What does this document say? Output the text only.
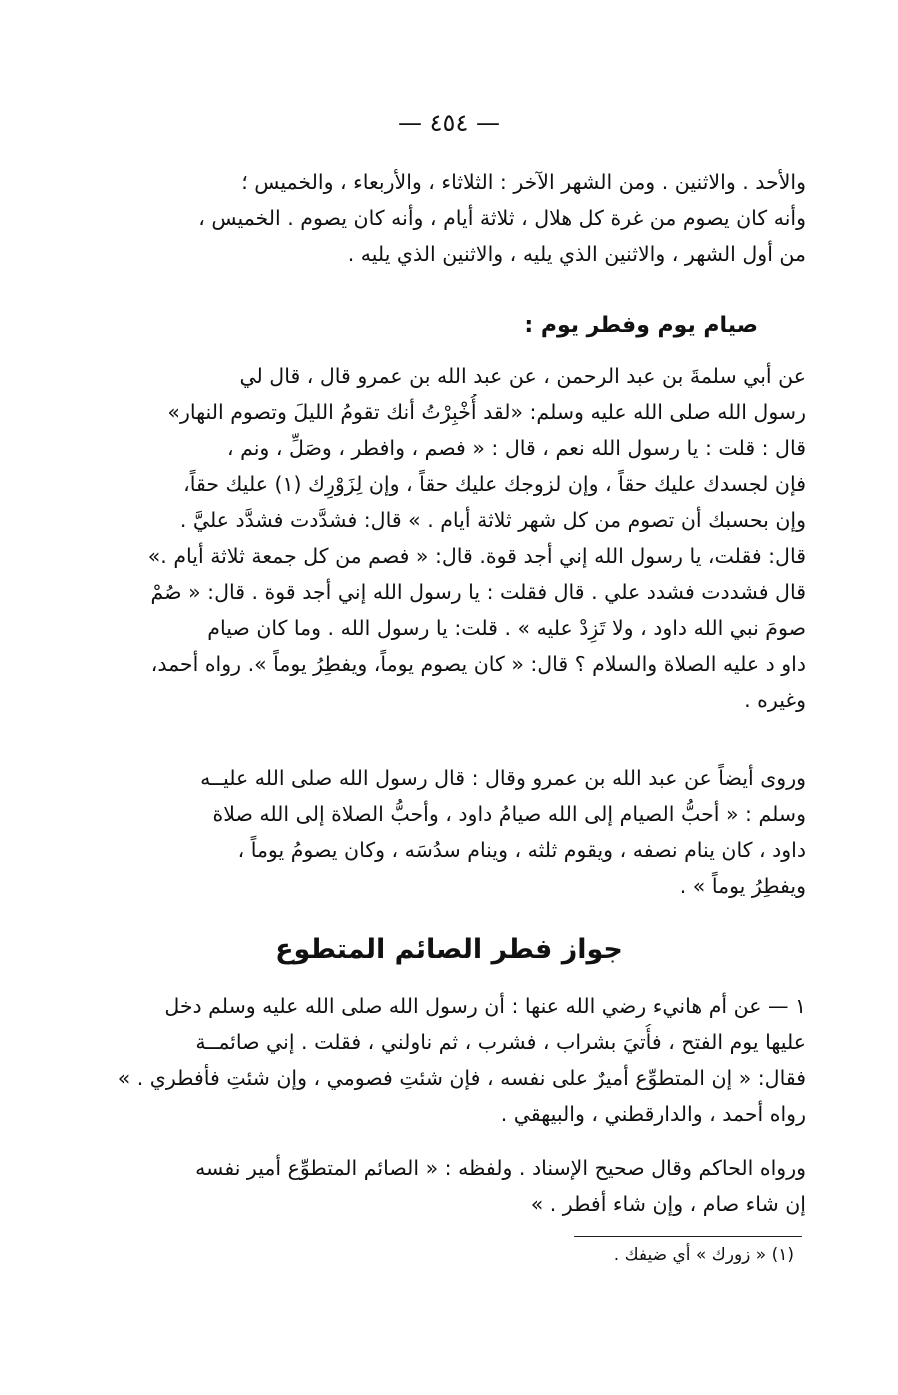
— ٤٥٤ —
والأحد . والاثنين . ومن الشهر الآخر : الثلاثاء ، والأربعاء ، والخميس ؛
وأنه كان يصوم من غرة كل هلال ، ثلاثة أيام ، وأنه كان يصوم . الخميس ،
من أول الشهر ، والاثنين الذي يليه ، والاثنين الذي يليه .
صيام يوم وفطر يوم :
عن أبي سلمةَ بن عبد الرحمن ، عن عبد الله بن عمرو قال ، قال لي
رسول الله صلى الله عليه وسلم: «لقد أُخْبِرْتُ أنك تقومُ الليلَ وتصوم النهار»
قال : قلت : يا رسول الله نعم ، قال : « فصم ، وافطر ، وصَلِّ ، ونم ،
فإن لجسدك عليك حقاً ، وإن لزوجك عليك حقاً ، وإن لِزَوْرِك (١) عليك حقاً،
وإن بحسبك أن تصوم من كل شهر ثلاثة أيام . » قال: فشدَّدت فشدَّد عليَّ .
قال: فقلت، يا رسول الله إني أجد قوة. قال: « فصم من كل جمعة ثلاثة أيام .»
قال فشددت فشدد علي . قال فقلت : يا رسول الله إني أجد قوة . قال: « صُمْ
صومَ نبي الله داود ، ولا تَزِدْ عليه » . قلت: يا رسول الله . وما كان صيام
داو د عليه الصلاة والسلام ؟ قال: « كان يصوم يوماً، ويفطِرُ يوماً ». رواه أحمد،
وغيره .
وروى أيضاً عن عبد الله بن عمرو وقال : قال رسول الله صلى الله عليــه
وسلم : « أحبُّ الصيام إلى الله صيامُ داود ، وأحبُّ الصلاة إلى الله صلاة
داود ، كان ينام نصفه ، ويقوم ثلثه ، وينام سدُسَه ، وكان يصومُ يوماً ،
ويفطِرُ يوماً » .
جواز فطر الصائم المتطوع
١ — عن أم هانيء رضي الله عنها : أن رسول الله صلى الله عليه وسلم دخل
عليها يوم الفتح ، فأُتيَ بشراب ، فشرب ، ثم ناولني ، فقلت . إني صائمــة
فقال: « إن المتطوِّع أميرٌ على نفسه ، فإن شئتِ فصومي ، وإن شئتِ فأفطري . »
رواه أحمد ، والدارقطني ، والبيهقي .
ورواه الحاكم وقال صحيح الإسناد . ولفظه : « الصائم المتطوِّع أمير نفسه
إن شاء صام ، وإن شاء أفطر . »
(١) « زورك » أي ضيفك .
